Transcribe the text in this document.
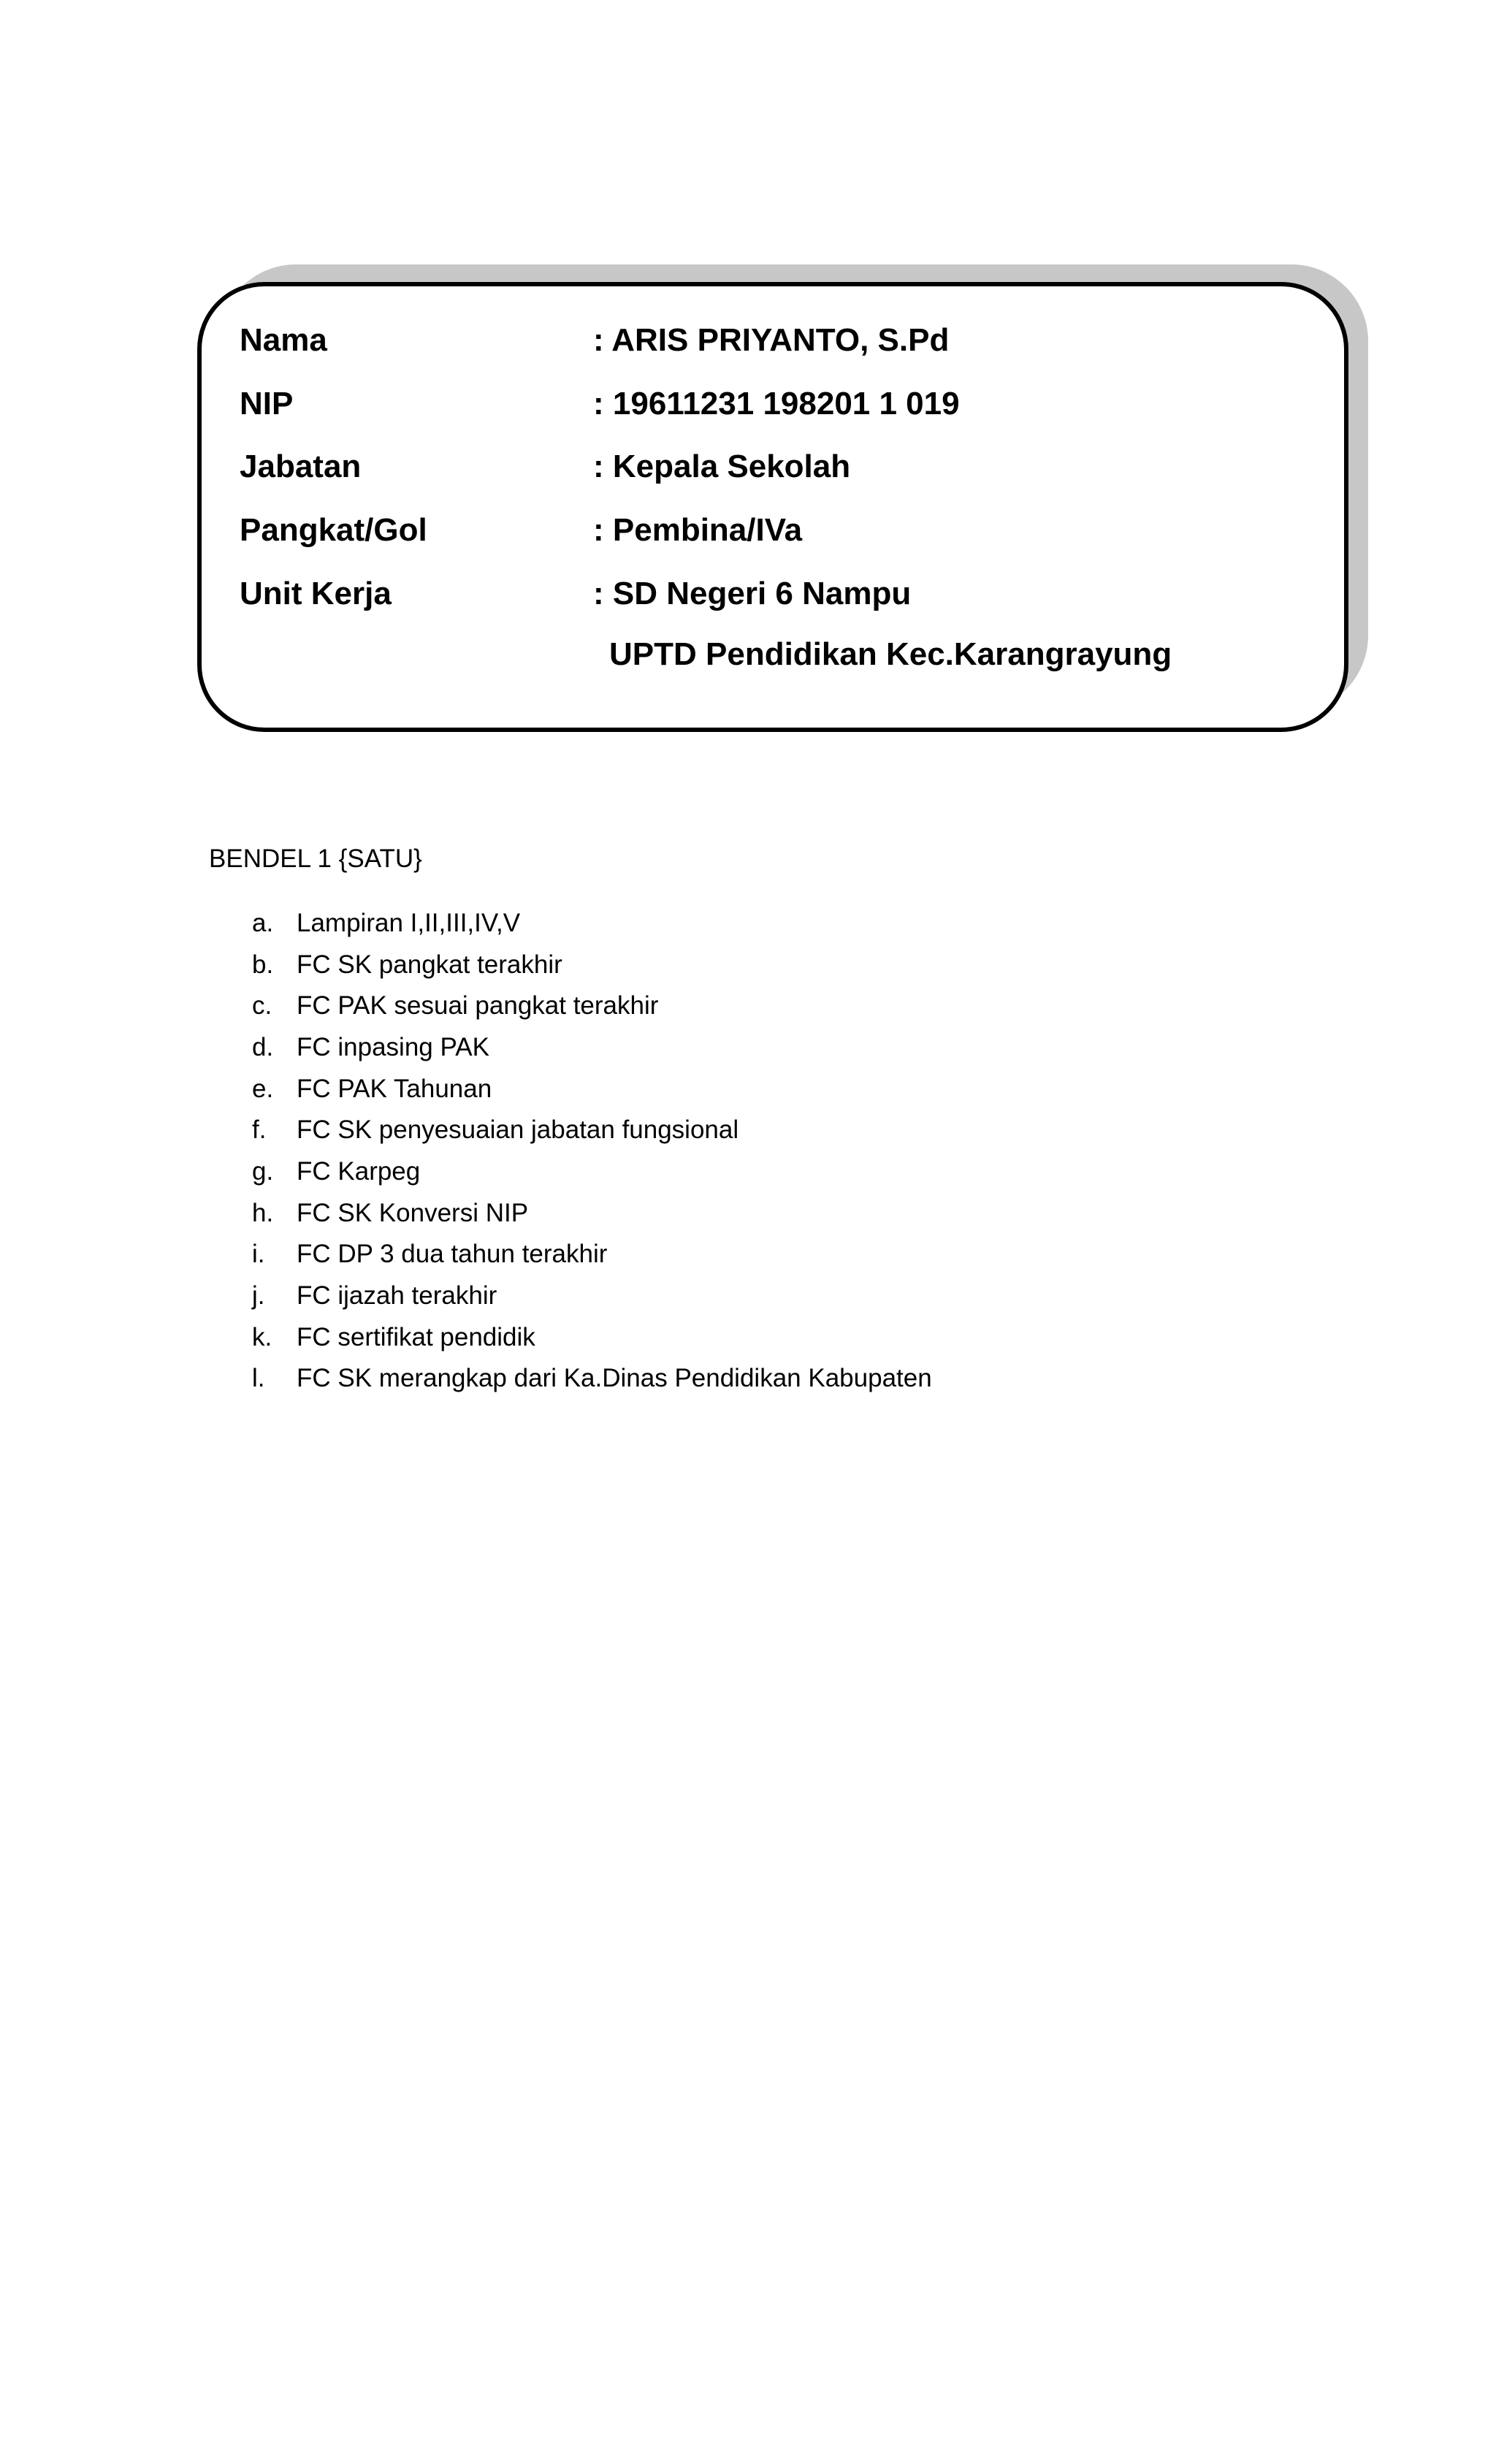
Nama	: ARIS PRIYANTO, S.Pd
NIP	: 19611231 198201 1 019
Jabatan	: Kepala Sekolah
Pangkat/Gol	: Pembina/IVa
Unit Kerja	: SD Negeri 6 Nampu
UPTD Pendidikan Kec.Karangrayung
BENDEL 1 {SATU}
a. Lampiran I,II,III,IV,V
b. FC SK pangkat terakhir
c. FC PAK sesuai pangkat terakhir
d. FC inpasing PAK
e. FC PAK Tahunan
f. FC SK penyesuaian jabatan fungsional
g. FC Karpeg
h. FC SK Konversi NIP
i. FC DP 3 dua tahun terakhir
j. FC ijazah terakhir
k. FC sertifikat pendidik
l. FC SK merangkap dari Ka.Dinas Pendidikan Kabupaten
